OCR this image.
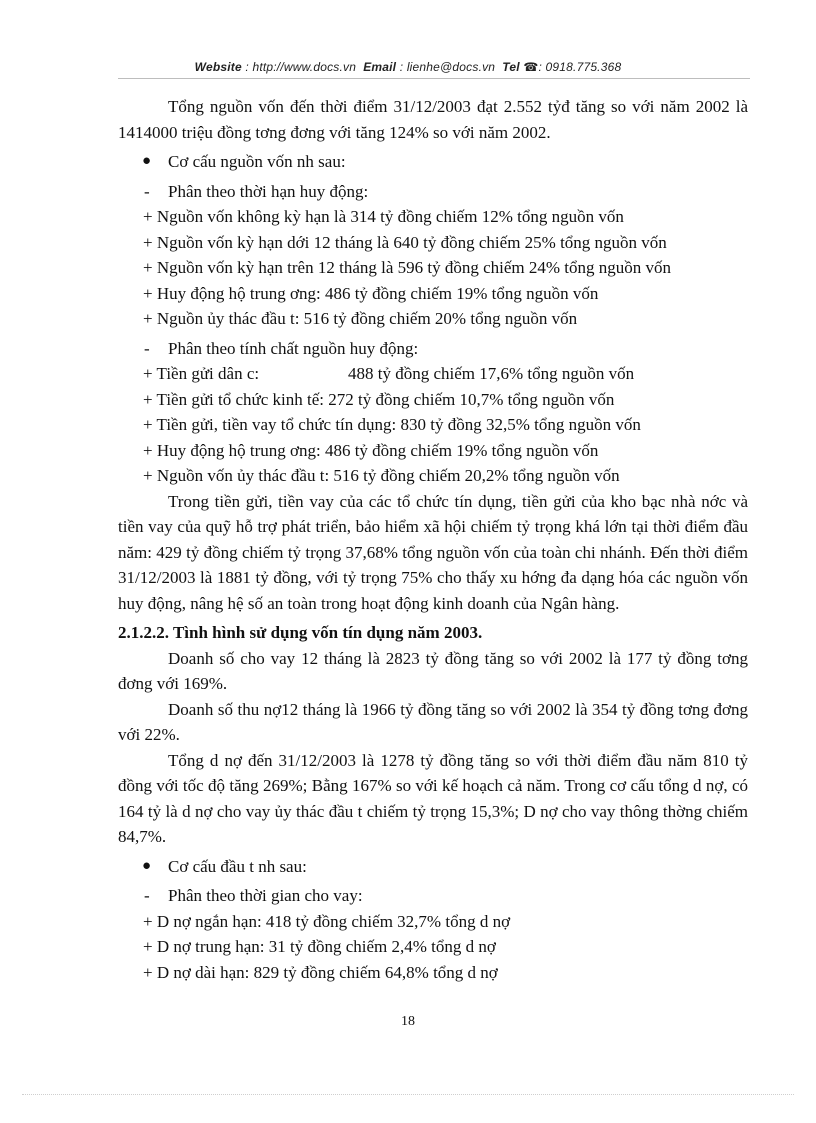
Website : http://www.docs.vn Email : lienhe@docs.vn Tel ☎: 0918.775.368

Tổng nguồn vốn đến thời điểm 31/12/2003 đạt 2.552 tỷđ tăng so với năm 2002 là 1414000 triệu đồng tơng đơng với tăng 124% so với năm 2002.

● Cơ cấu nguồn vốn nh sau:
- Phân theo thời hạn huy động:
+ Nguồn vốn không kỳ hạn là 314 tỷ đồng chiếm 12% tổng nguồn vốn
+ Nguồn vốn kỳ hạn dới 12 tháng là 640 tỷ đồng chiếm 25% tổng nguồn vốn
+ Nguồn vốn kỳ hạn trên 12 tháng là 596 tỷ đồng chiếm 24% tổng nguồn vốn
+ Huy động hộ trung ơng: 486 tỷ đồng chiếm 19% tổng nguồn vốn
+ Nguồn ủy thác đầu t: 516 tỷ đồng chiếm 20% tổng nguồn vốn
- Phân theo tính chất nguồn huy động:
+ Tiền gửi dân c:	488 tỷ đồng chiếm 17,6% tổng nguồn vốn
+ Tiền gửi tổ chức kinh tế: 272 tỷ đồng chiếm 10,7% tổng nguồn vốn
+ Tiền gửi, tiền vay tổ chức tín dụng: 830 tỷ đồng 32,5% tổng nguồn vốn
+ Huy động hộ trung ơng: 486 tỷ đồng chiếm 19% tổng nguồn vốn
+ Nguồn vốn ủy thác đầu t: 516 tỷ đồng chiếm 20,2% tổng nguồn vốn

Trong tiền gửi, tiền vay của các tổ chức tín dụng, tiền gửi của kho bạc nhà nớc và tiền vay của quỹ hỗ trợ phát triển, bảo hiểm xã hội chiếm tỷ trọng khá lớn tại thời điểm đầu năm: 429 tỷ đồng chiếm tỷ trọng 37,68% tổng nguồn vốn của toàn chi nhánh. Đến thời điểm 31/12/2003 là 1881 tỷ đồng, với tỷ trọng 75% cho thấy xu hớng đa dạng hóa các nguồn vốn huy động, nâng hệ số an toàn trong hoạt động kinh doanh của Ngân hàng.

2.1.2.2. Tình hình sử dụng vốn tín dụng năm 2003.

Doanh số cho vay 12 tháng là 2823 tỷ đồng tăng so với 2002 là 177 tỷ đồng tơng đơng với 169%.

Doanh số thu nợ12 tháng là 1966 tỷ đồng tăng so với 2002 là 354 tỷ đồng tơng đơng với 22%.

Tổng d nợ đến 31/12/2003 là 1278 tỷ đồng tăng so với thời điểm đầu năm 810 tỷ đồng với tốc độ tăng 269%; Bằng 167% so với kế hoạch cả năm. Trong cơ cấu tổng d nợ, có 164 tỷ là d nợ cho vay ủy thác đầu t chiếm tỷ trọng 15,3%; D nợ cho vay thông thờng chiếm 84,7%.

● Cơ cấu đầu t nh sau:
- Phân theo thời gian cho vay:
+ D nợ ngắn hạn: 418 tỷ đồng chiếm 32,7% tổng d nợ
+ D nợ trung hạn: 31 tỷ đồng chiếm 2,4% tổng d nợ
+ D nợ dài hạn: 829 tỷ đồng chiếm 64,8% tổng d nợ
18
